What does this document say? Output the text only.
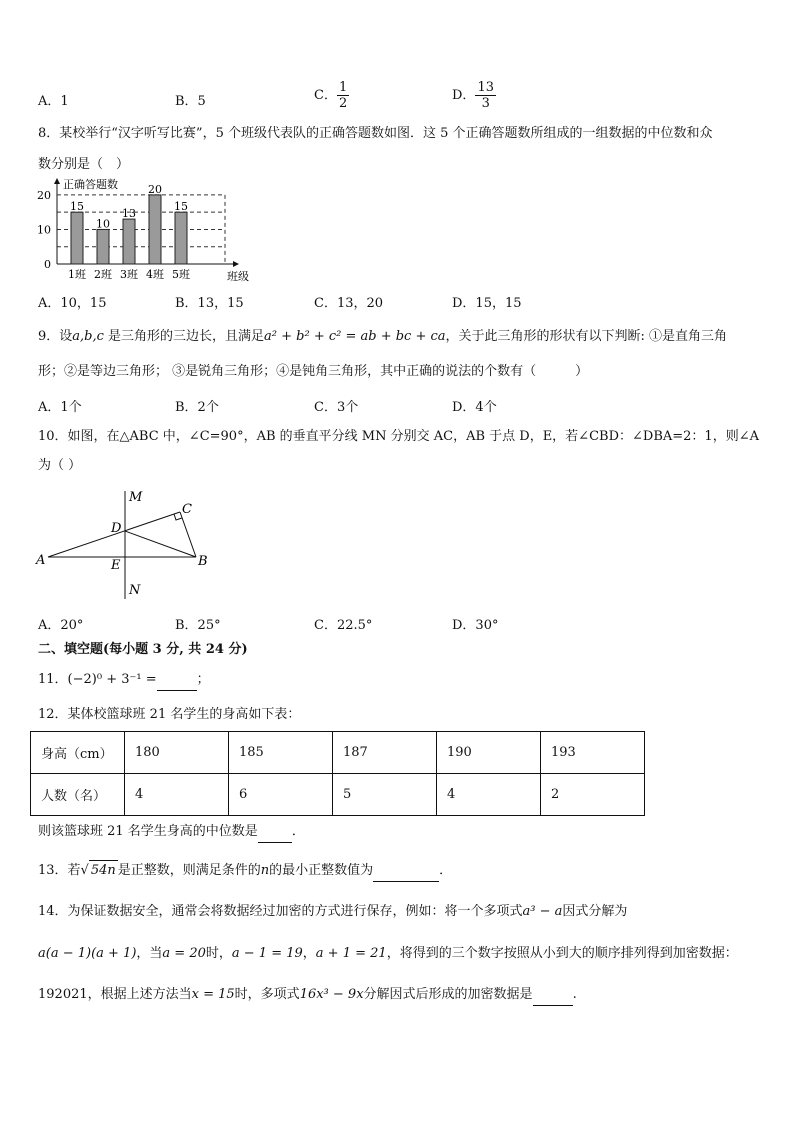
A．1	B．5	C． $\frac{1}{2}$	D． $\frac{13}{3}$
8．某校举行“汉字听写比赛”，5 个班级代表队的正确答题数如图．这 5 个正确答题数所组成的一组数据的中位数和众
数分别是（　）
正确答题数
班级
0
10
20
15
1班
10
2班
13
3班
20
4班
15
5班
A．10，15	B．13，15	C．13，20	D．15，15
9．设a,b,c 是三角形的三边长，且满足a² + b² + c² = ab + bc + ca，关于此三角形的形状有以下判断: ①是直角三角
形；②是等边三角形； ③是锐角三角形；④是钝角三角形，其中正确的说法的个数有（　　　）
A．1个	B．2个	C．3个	D．4个
10．如图，在△ABC 中，∠C=90°，AB 的垂直平分线 MN 分别交 AC，AB 于点 D，E，若∠CBD：∠DBA=2：1，则∠A
为（ ）
M
C
D
A	E	B
N
A．20°	B．25°	C．22.5°	D．30°
二、填空题(每小题 3 分, 共 24 分)
11．(−2)⁰ + 3⁻¹ =	；
12．某体校篮球班 21 名学生的身高如下表：
身高（cm）	180	185	187	190	193
人数（名）	4	6	5	4	2
则该篮球班 21 名学生身高的中位数是	．
13．若√ 54n 是正整数，则满足条件的n的最小正整数值为	．
14．为保证数据安全，通常会将数据经过加密的方式进行保存，例如：将一个多项式a³ − a因式分解为
a(a − 1)(a + 1)，当a = 20时，a − 1 = 19，a + 1 = 21，将得到的三个数字按照从小到大的顺序排列得到加密数据：
192021，根据上述方法当x = 15时，多项式16x³ − 9x分解因式后形成的加密数据是	.
